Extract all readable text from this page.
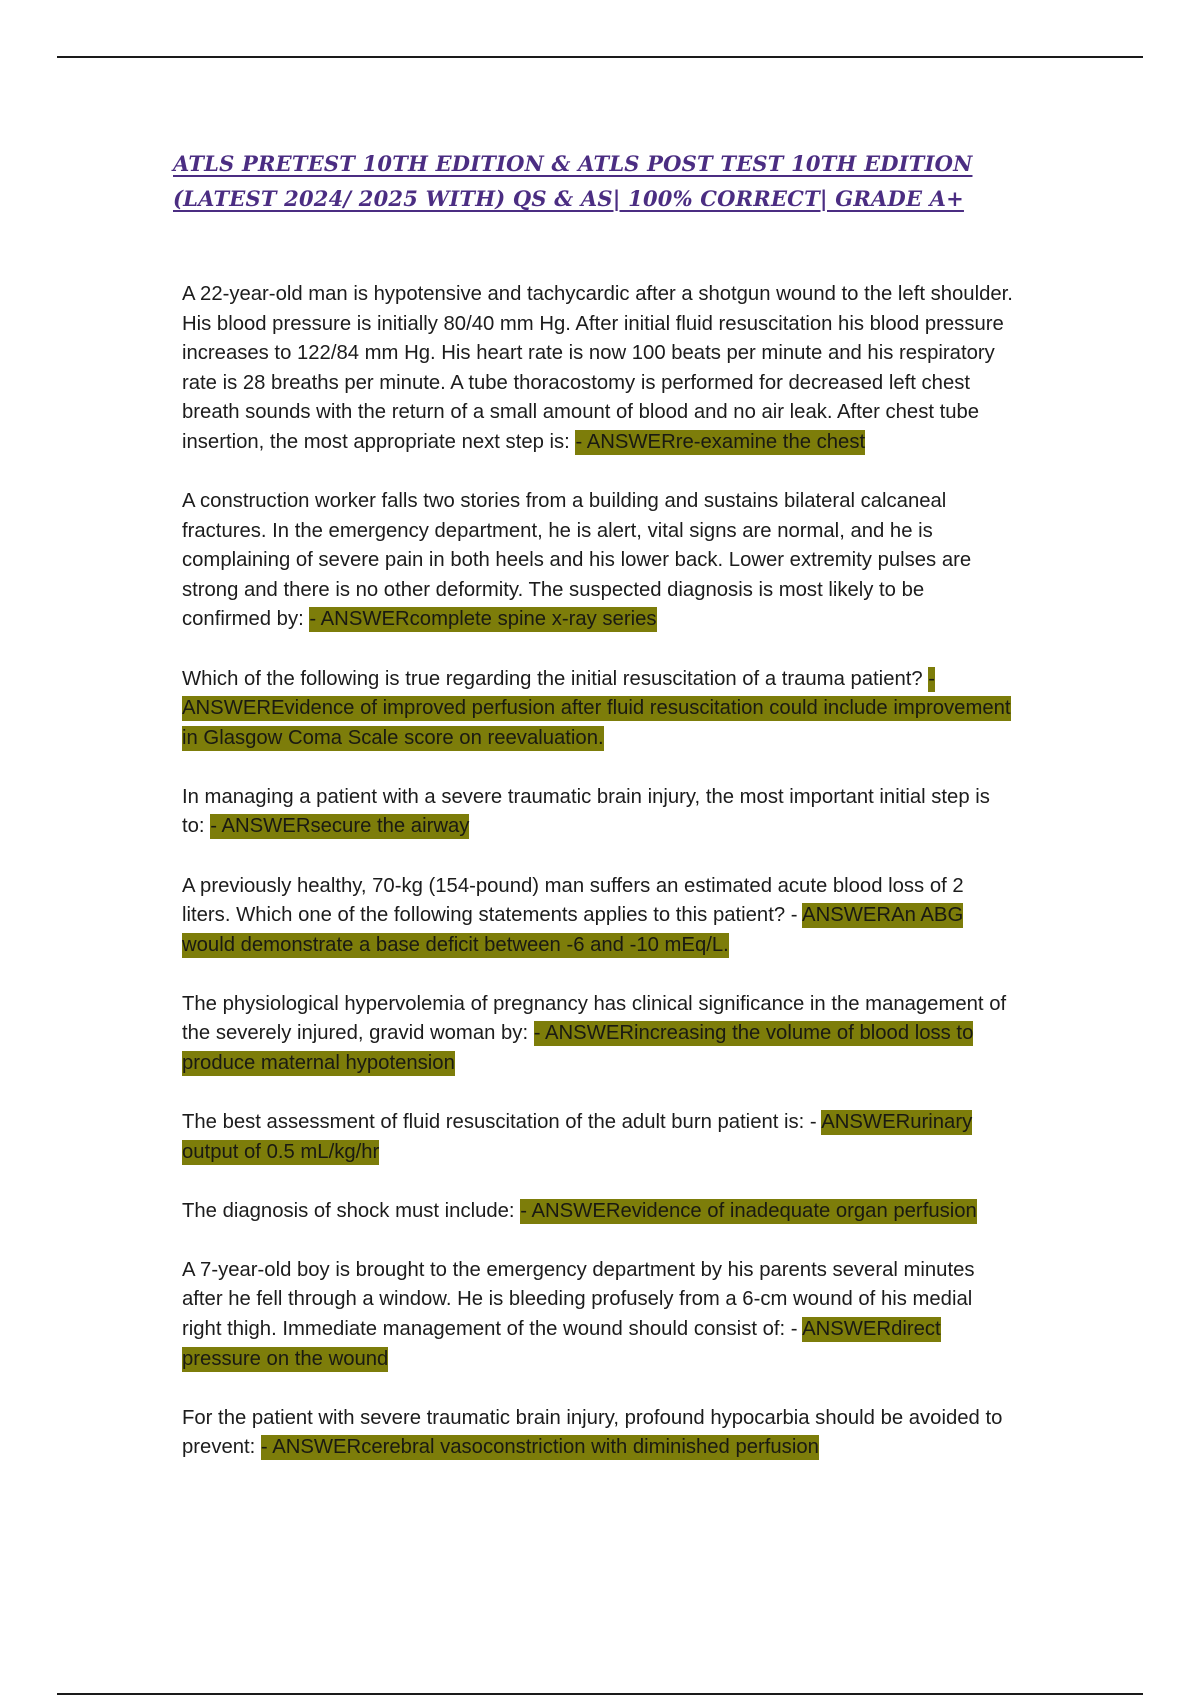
ATLS PRETEST 10TH EDITION & ATLS POST TEST 10TH EDITION (LATEST 2024/ 2025 WITH) QS & AS| 100% CORRECT| GRADE A+

A 22-year-old man is hypotensive and tachycardic after a shotgun wound to the left shoulder. His blood pressure is initially 80/40 mm Hg. After initial fluid resuscitation his blood pressure increases to 122/84 mm Hg. His heart rate is now 100 beats per minute and his respiratory rate is 28 breaths per minute. A tube thoracostomy is performed for decreased left chest breath sounds with the return of a small amount of blood and no air leak. After chest tube insertion, the most appropriate next step is: - ANSWERre-examine the chest

A construction worker falls two stories from a building and sustains bilateral calcaneal fractures. In the emergency department, he is alert, vital signs are normal, and he is complaining of severe pain in both heels and his lower back. Lower extremity pulses are strong and there is no other deformity. The suspected diagnosis is most likely to be confirmed by: - ANSWERcomplete spine x-ray series

Which of the following is true regarding the initial resuscitation of a trauma patient? - ANSWEREvidence of improved perfusion after fluid resuscitation could include improvement in Glasgow Coma Scale score on reevaluation.

In managing a patient with a severe traumatic brain injury, the most important initial step is to: - ANSWERsecure the airway

A previously healthy, 70-kg (154-pound) man suffers an estimated acute blood loss of 2 liters. Which one of the following statements applies to this patient? - ANSWERAn ABG would demonstrate a base deficit between -6 and -10 mEq/L.

The physiological hypervolemia of pregnancy has clinical significance in the management of the severely injured, gravid woman by: - ANSWERincreasing the volume of blood loss to produce maternal hypotension

The best assessment of fluid resuscitation of the adult burn patient is: - ANSWERurinary output of 0.5 mL/kg/hr

The diagnosis of shock must include: - ANSWERevidence of inadequate organ perfusion

A 7-year-old boy is brought to the emergency department by his parents several minutes after he fell through a window. He is bleeding profusely from a 6-cm wound of his medial right thigh. Immediate management of the wound should consist of: - ANSWERdirect pressure on the wound

For the patient with severe traumatic brain injury, profound hypocarbia should be avoided to prevent: - ANSWERcerebral vasoconstriction with diminished perfusion
